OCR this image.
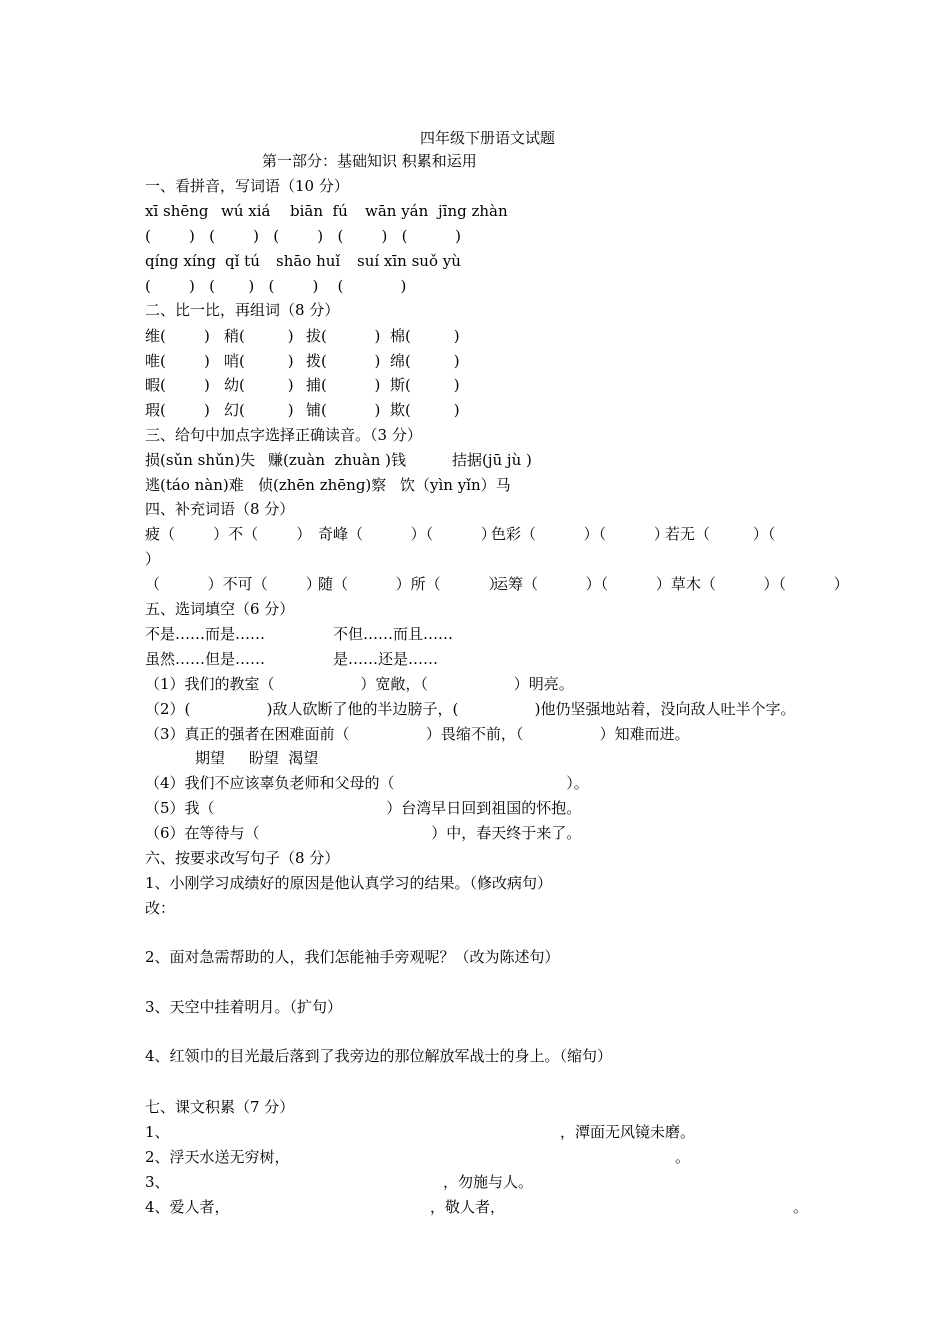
四年级下册语文试题
第一部分：基础知识 积累和运用
一、看拼音，写词语（10 分）
xī shēng wú xiá biān  fú wān yán jīng zhàn
(        )   (        )   (        )   (        )   (          )
qíng xíng qǐ tú shāo huǐ suí xīn suǒ yù
(        )   (       )   (        )    (            )
二、比一比，再组词（8 分）
维(        ) 稍(         ) 拔(          ) 棉(         )
唯(        ) 哨(         ) 拨(          ) 绵(         )
暇(        ) 幼(         ) 捕(          ) 斯(         )
瑕(        ) 幻(         ) 铺(          ) 欺(         )
三、给句中加点字选择正确读音。（3 分）
损(sǔn shǔn)失 赚(zuàn  zhuàn )钱	拮据(jū jù )
逃(táo nàn)难 侦(zhēn zhēnɡ)察 饮（yìn yǐn）马
四、补充词语（8 分）
疲（        ）不（        ） 奇峰（          ）（          ）
色彩（          ）（          ）
若无（         ）（
）
（          ）不可（        ）
随（          ）所（          ）
运筹（          ）（          ）草木（          ）（          ）
五、选词填空（6 分）
不是……而是……	不但……而且……
虽然……但是……	是……还是……
（1）我们的教室（                  ）宽敞，（                  ）明亮。
（2）(                )敌人砍断了他的半边膀子，(                )他仍坚强地站着，没向敌人吐半个字。
（3）真正的强者在困难面前（                ）畏缩不前，（                ）知难而进。
期望     盼望  渴望
（4）我们不应该辜负老师和父母的（                                    ）。
（5）我（                                    ）台湾早日回到祖国的怀抱。
（6）在等待与（                                    ）中，春天终于来了。
六、按要求改写句子（8 分）
1、小刚学习成绩好的原因是他认真学习的结果。（修改病句）
改：
2、面对急需帮助的人，我们怎能袖手旁观呢？（改为陈述句）
3、天空中挂着明月。（扩句）
4、红领巾的目光最后落到了我旁边的那位解放军战士的身上。（缩句）
七、课文积累（7 分）
1、	，潭面无风镜未磨。
2、浮天水送无穷树，	。
3、	，勿施与人。
4、爱人者，	，敬人者，	。
